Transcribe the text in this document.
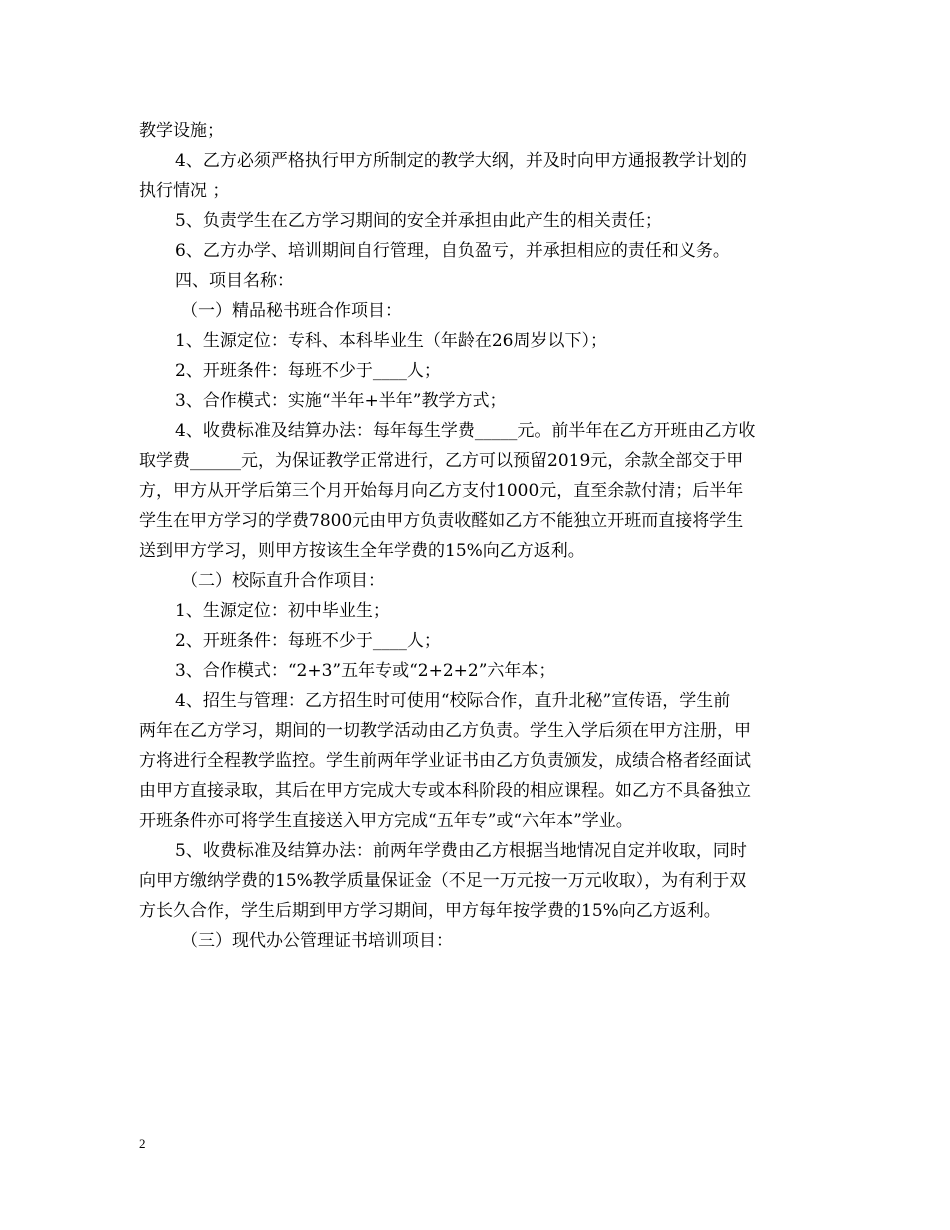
教学设施；

4、乙方必须严格执行甲方所制定的教学大纲，并及时向甲方通报教学计划的

执行情况 ；

5、负责学生在乙方学习期间的安全并承担由此产生的相关责任；

6、乙方办学、培训期间自行管理，自负盈亏，并承担相应的责任和义务。

四、项目名称：

（一）精品秘书班合作项目：

1、生源定位：专科、本科毕业生（年龄在26周岁以下）；

2、开班条件：每班不少于____人；

3、合作模式：实施“半年+半年”教学方式；

4、收费标准及结算办法：每年每生学费_____元。前半年在乙方开班由乙方收

取学费______元，为保证教学正常进行，乙方可以预留2019元，余款全部交于甲

方，甲方从开学后第三个月开始每月向乙方支付1000元，直至余款付清；后半年

学生在甲方学习的学费7800元由甲方负责收醛如乙方不能独立开班而直接将学生

送到甲方学习，则甲方按该生全年学费的15%向乙方返利。

（二）校际直升合作项目：

1、生源定位：初中毕业生；

2、开班条件：每班不少于____人；

3、合作模式：“2+3”五年专或“2+2+2”六年本；

4、招生与管理：乙方招生时可使用“校际合作，直升北秘”宣传语，学生前

两年在乙方学习，期间的一切教学活动由乙方负责。学生入学后须在甲方注册，甲

方将进行全程教学监控。学生前两年学业证书由乙方负责颁发，成绩合格者经面试

由甲方直接录取，其后在甲方完成大专或本科阶段的相应课程。如乙方不具备独立

开班条件亦可将学生直接送入甲方完成“五年专”或“六年本”学业。

5、收费标准及结算办法：前两年学费由乙方根据当地情况自定并收取，同时

向甲方缴纳学费的15%教学质量保证金（不足一万元按一万元收取），为有利于双

方长久合作，学生后期到甲方学习期间，甲方每年按学费的15%向乙方返利。

（三）现代办公管理证书培训项目：

2
